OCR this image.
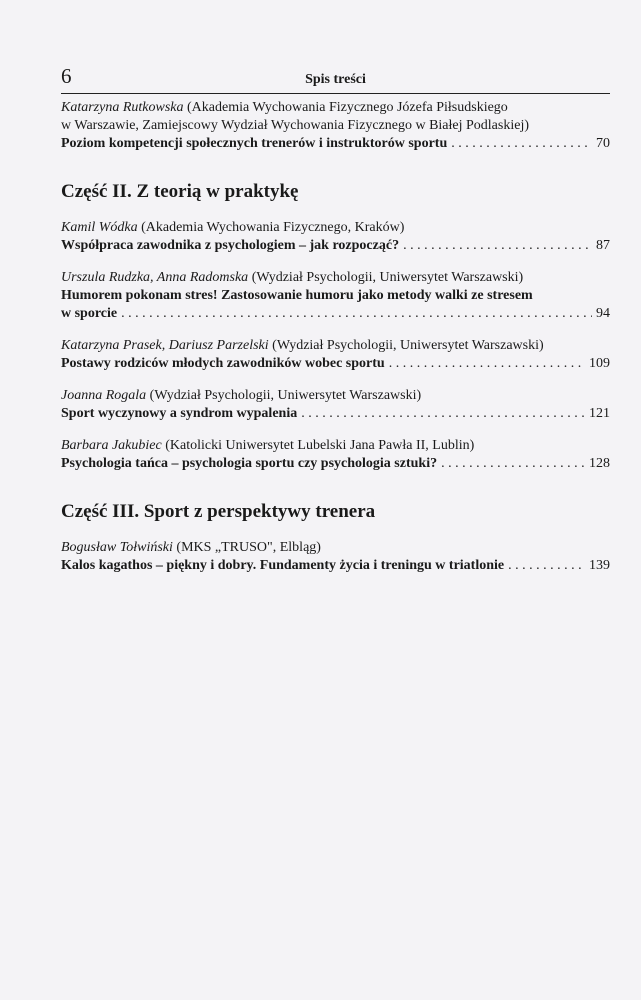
6	Spis treści
Katarzyna Rutkowska (Akademia Wychowania Fizycznego Józefa Piłsudskiego
w Warszawie, Zamiejscowy Wydział Wychowania Fizycznego w Białej Podlaskiej)
Poziom kompetencji społecznych trenerów i instruktorów sportu . . .	70
Część II. Z teorią w praktykę
Kamil Wódka (Akademia Wychowania Fizycznego, Kraków)
Współpraca zawodnika z psychologiem – jak rozpocząć? . . .	87
Urszula Rudzka, Anna Radomska (Wydział Psychologii, Uniwersytet Warszawski)
Humorem pokonam stres! Zastosowanie humoru jako metody walki ze stresem
w sporcie . . .	94
Katarzyna Prasek, Dariusz Parzelski (Wydział Psychologii, Uniwersytet Warszawski)
Postawy rodziców młodych zawodników wobec sportu . . .	109
Joanna Rogala (Wydział Psychologii, Uniwersytet Warszawski)
Sport wyczynowy a syndrom wypalenia . . .	121
Barbara Jakubiec (Katolicki Uniwersytet Lubelski Jana Pawła II, Lublin)
Psychologia tańca – psychologia sportu czy psychologia sztuki? . . .	128
Część III. Sport z perspektywy trenera
Bogusław Tołwiński (MKS „TRUSO", Elbląg)
Kalos kagathos – piękny i dobry. Fundamenty życia i treningu w triatlonie . . .	139
